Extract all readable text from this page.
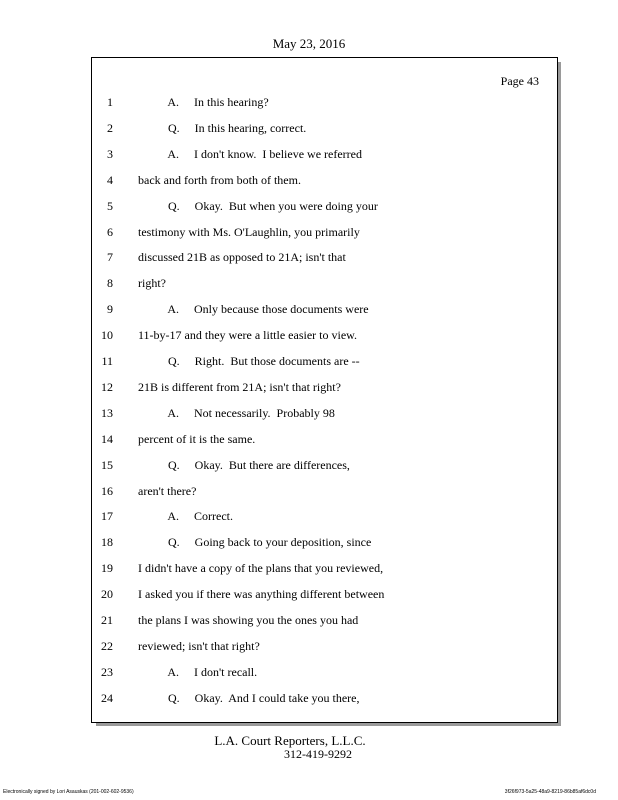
May 23, 2016
Page 43
1 A.     In this hearing?
2 Q.     In this hearing, correct.
3 A.     I don't know.  I believe we referred
4 back and forth from both of them.
5 Q.     Okay.  But when you were doing your
6 testimony with Ms. O'Laughlin, you primarily
7 discussed 21B as opposed to 21A; isn't that
8 right?
9 A.     Only because those documents were
10 11-by-17 and they were a little easier to view.
11 Q.     Right.  But those documents are --
12 21B is different from 21A; isn't that right?
13 A.     Not necessarily.  Probably 98
14 percent of it is the same.
15 Q.     Okay.  But there are differences,
16 aren't there?
17 A.     Correct.
18 Q.     Going back to your deposition, since
19 I didn't have a copy of the plans that you reviewed,
20 I asked you if there was anything different between
21 the plans I was showing you the ones you had
22 reviewed; isn't that right?
23 A.     I don't recall.
24 Q.     Okay.  And I could take you there,
L.A. Court Reporters, L.L.C.
312-419-9292
Electronically signed by Lori Asauskas (201-002-602-9536)	3f26f973-5a25-48a9-8219-86b85af6dc0d
